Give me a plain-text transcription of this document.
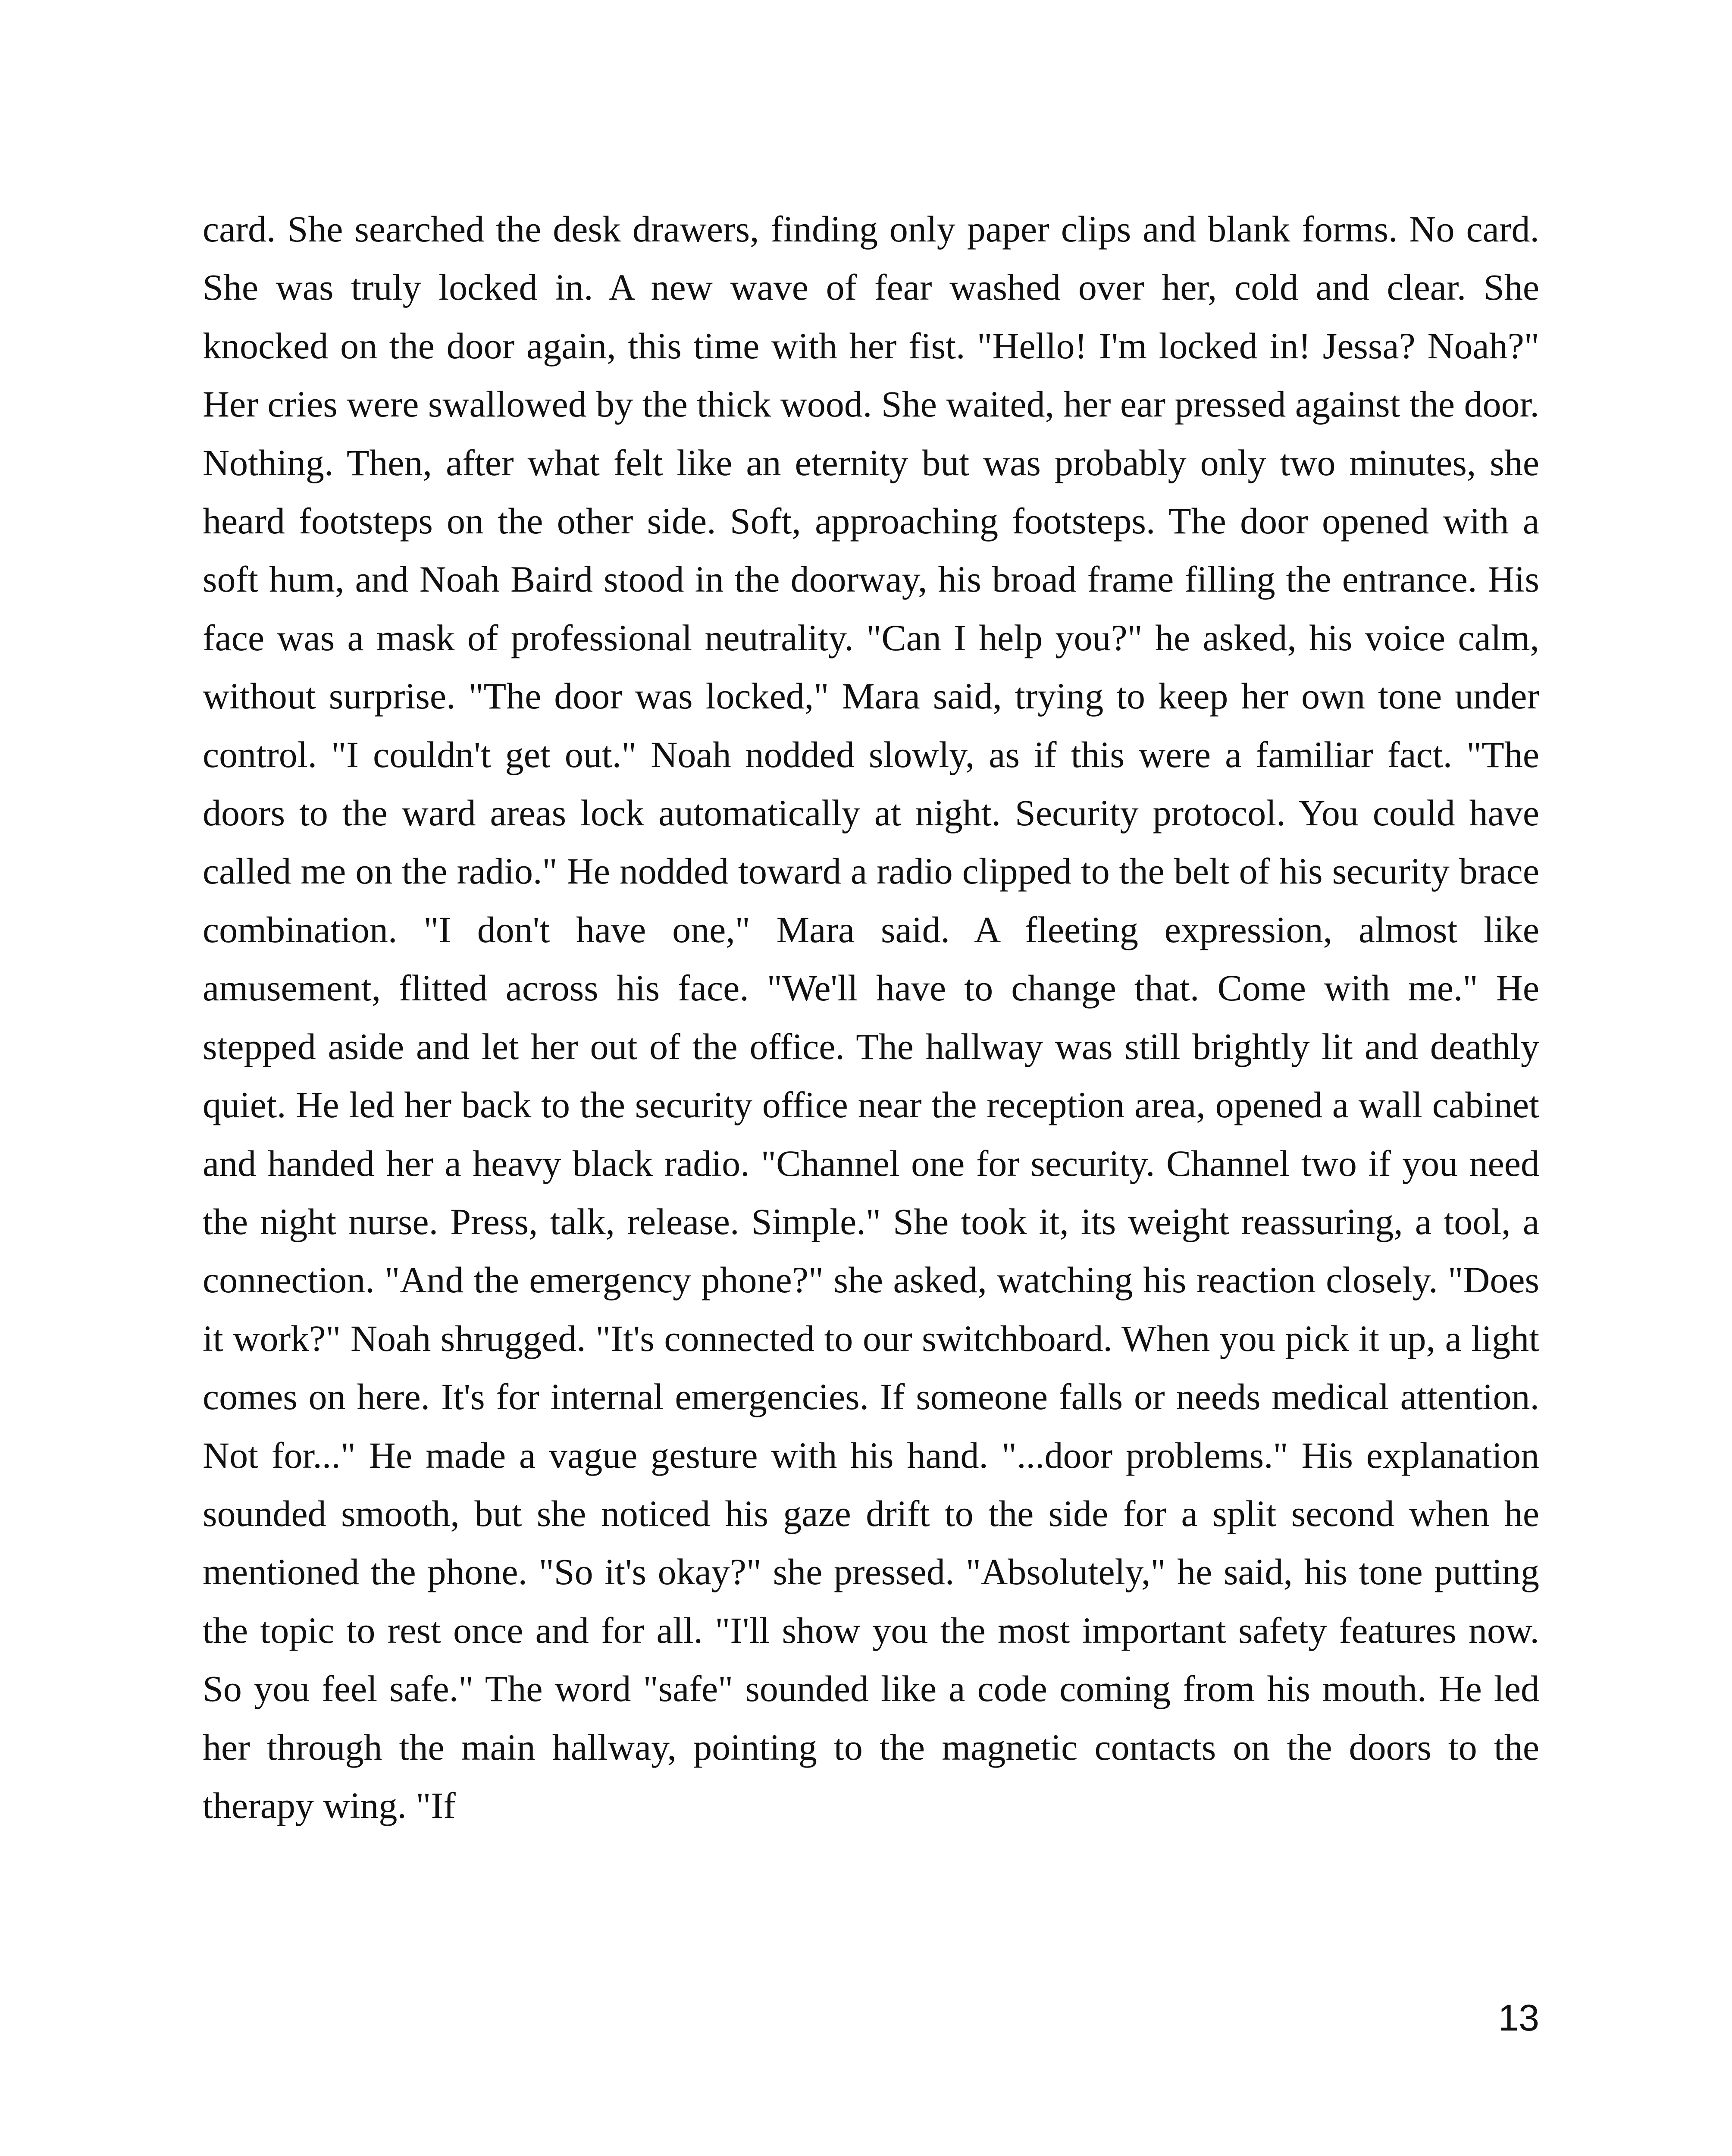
card. She searched the desk drawers, finding only paper clips and blank forms. No card. She was truly locked in. A new wave of fear washed over her, cold and clear. She knocked on the door again, this time with her fist. "Hello! I'm locked in! Jessa? Noah?" Her cries were swallowed by the thick wood. She waited, her ear pressed against the door. Nothing. Then, after what felt like an eternity but was probably only two minutes, she heard footsteps on the other side. Soft, approaching footsteps. The door opened with a soft hum, and Noah Baird stood in the doorway, his broad frame filling the entrance. His face was a mask of professional neutrality. "Can I help you?" he asked, his voice calm, without surprise. "The door was locked," Mara said, trying to keep her own tone under control. "I couldn't get out." Noah nodded slowly, as if this were a familiar fact. "The doors to the ward areas lock automatically at night. Security protocol. You could have called me on the radio." He nodded toward a radio clipped to the belt of his security brace combination. "I don't have one," Mara said. A fleeting expression, almost like amusement, flitted across his face. "We'll have to change that. Come with me." He stepped aside and let her out of the office. The hallway was still brightly lit and deathly quiet. He led her back to the security office near the reception area, opened a wall cabinet and handed her a heavy black radio. "Channel one for security. Channel two if you need the night nurse. Press, talk, release. Simple." She took it, its weight reassuring, a tool, a connection. "And the emergency phone?" she asked, watching his reaction closely. "Does it work?" Noah shrugged. "It's connected to our switchboard. When you pick it up, a light comes on here. It's for internal emergencies. If someone falls or needs medical attention. Not for..." He made a vague gesture with his hand. "...door problems." His explanation sounded smooth, but she noticed his gaze drift to the side for a split second when he mentioned the phone. "So it's okay?" she pressed. "Absolutely," he said, his tone putting the topic to rest once and for all. "I'll show you the most important safety features now. So you feel safe." The word "safe" sounded like a code coming from his mouth. He led her through the main hallway, pointing to the magnetic contacts on the doors to the therapy wing. "If

13
